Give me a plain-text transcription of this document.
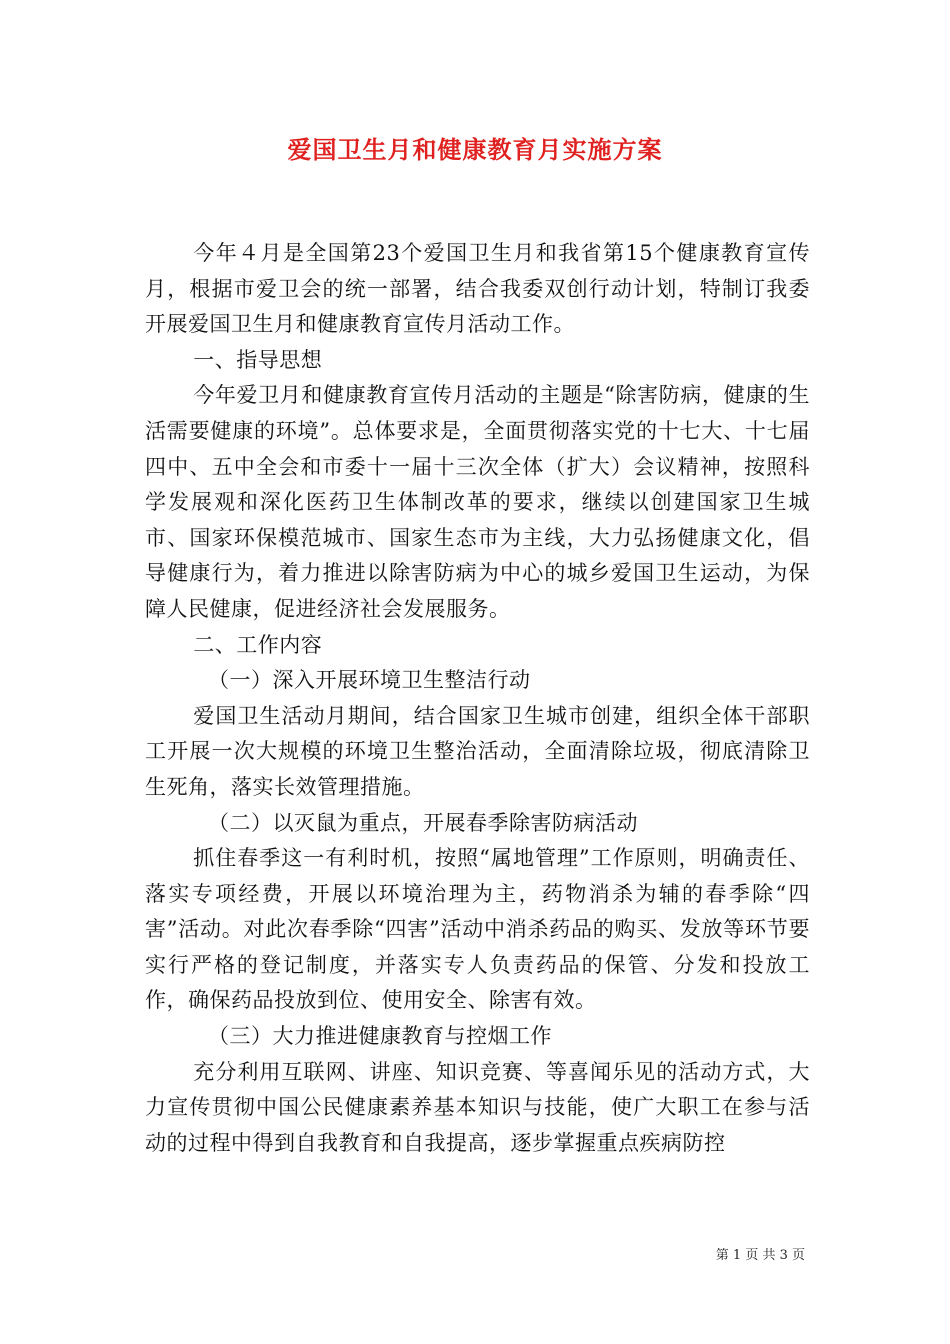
爱国卫生月和健康教育月实施方案

今年４月是全国第23个爱国卫生月和我省第15个健康教育宣传月，根据市爱卫会的统一部署，结合我委双创行动计划，特制订我委开展爱国卫生月和健康教育宣传月活动工作。

一、指导思想

今年爱卫月和健康教育宣传月活动的主题是“除害防病，健康的生活需要健康的环境”。总体要求是，全面贯彻落实党的十七大、十七届四中、五中全会和市委十一届十三次全体（扩大）会议精神，按照科学发展观和深化医药卫生体制改革的要求，继续以创建国家卫生城市、国家环保模范城市、国家生态市为主线，大力弘扬健康文化，倡导健康行为，着力推进以除害防病为中心的城乡爱国卫生运动，为保障人民健康，促进经济社会发展服务。

二、工作内容

（一）深入开展环境卫生整洁行动

爱国卫生活动月期间，结合国家卫生城市创建，组织全体干部职工开展一次大规模的环境卫生整治活动，全面清除垃圾，彻底清除卫生死角，落实长效管理措施。

（二）以灭鼠为重点，开展春季除害防病活动

抓住春季这一有利时机，按照“属地管理”工作原则，明确责任、落实专项经费，开展以环境治理为主，药物消杀为辅的春季除“四害”活动。对此次春季除“四害”活动中消杀药品的购买、发放等环节要实行严格的登记制度，并落实专人负责药品的保管、分发和投放工作，确保药品投放到位、使用安全、除害有效。

（三）大力推进健康教育与控烟工作

充分利用互联网、讲座、知识竞赛、等喜闻乐见的活动方式，大力宣传贯彻中国公民健康素养基本知识与技能，使广大职工在参与活动的过程中得到自我教育和自我提高，逐步掌握重点疾病防控

第 1 页 共 3 页
